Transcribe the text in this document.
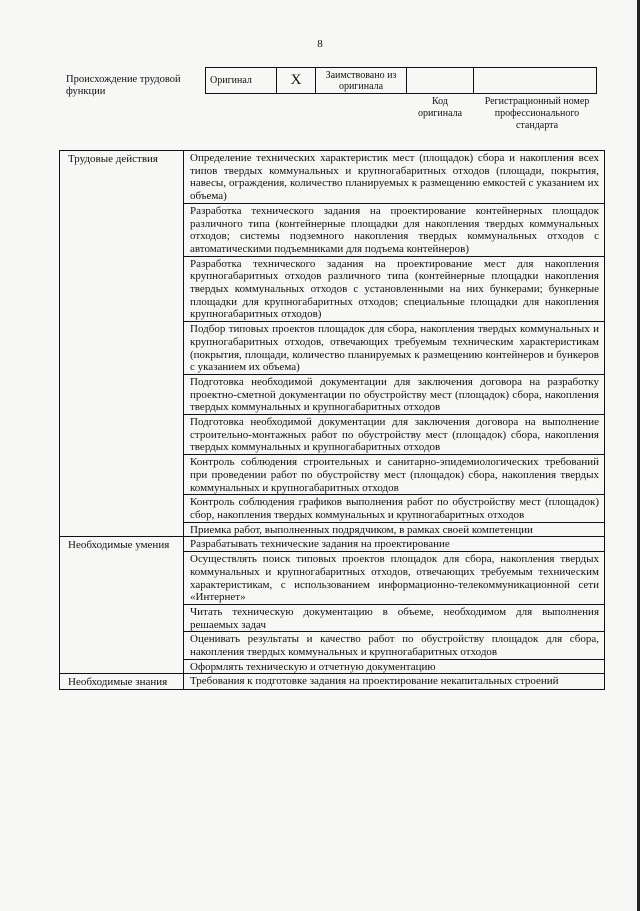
8
Происхождение трудовой функции
Оригинал	X	Заимствовано из оригинала		
Код оригинала
Регистрационный номер профессионального стандарта
Трудовые действия	Определение технических характеристик мест (площадок) сбора и накопления всех типов твердых коммунальных и крупногабаритных отходов (площади, покрытия, навесы, ограждения, количество планируемых к размещению емкостей с указанием их объема)
	Разработка технического задания на проектирование контейнерных площадок различного типа (контейнерные площадки для накопления твердых коммунальных отходов; системы подземного накопления твердых коммунальных отходов с автоматическими подъемниками для подъема контейнеров)
	Разработка технического задания на проектирование мест для накопления крупногабаритных отходов различного типа (контейнерные площадки накопления твердых коммунальных отходов с установленными на них бункерами; бункерные площадки для крупногабаритных отходов; специальные площадки для накопления крупногабаритных отходов)
	Подбор типовых проектов площадок для сбора, накопления твердых коммунальных и крупногабаритных отходов, отвечающих требуемым техническим характеристикам (покрытия, площади, количество планируемых к размещению контейнеров и бункеров с указанием их объема)
	Подготовка необходимой документации для заключения договора на разработку проектно-сметной документации по обустройству мест (площадок) сбора, накопления твердых коммунальных и крупногабаритных отходов
	Подготовка необходимой документации для заключения договора на выполнение строительно-монтажных работ по обустройству мест (площадок) сбора, накопления твердых коммунальных и крупногабаритных отходов
	Контроль соблюдения строительных и санитарно-эпидемиологических требований при проведении работ по обустройству мест (площадок) сбора, накопления твердых коммунальных и крупногабаритных отходов
	Контроль соблюдения графиков выполнения работ по обустройству мест (площадок) сбор, накопления твердых коммунальных и крупногабаритных отходов
	Приемка работ, выполненных подрядчиком, в рамках своей компетенции
Необходимые умения	Разрабатывать технические задания на проектирование
	Осуществлять поиск типовых проектов площадок для сбора, накопления твердых коммунальных и крупногабаритных отходов, отвечающих требуемым техническим характеристикам, с использованием информационно-телекоммуникационной сети «Интернет»
	Читать техническую документацию в объеме, необходимом для выполнения решаемых задач
	Оценивать результаты и качество работ по обустройству площадок для сбора, накопления твердых коммунальных и крупногабаритных отходов
	Оформлять техническую и отчетную документацию
Необходимые знания	Требования к подготовке задания на проектирование некапитальных строений
